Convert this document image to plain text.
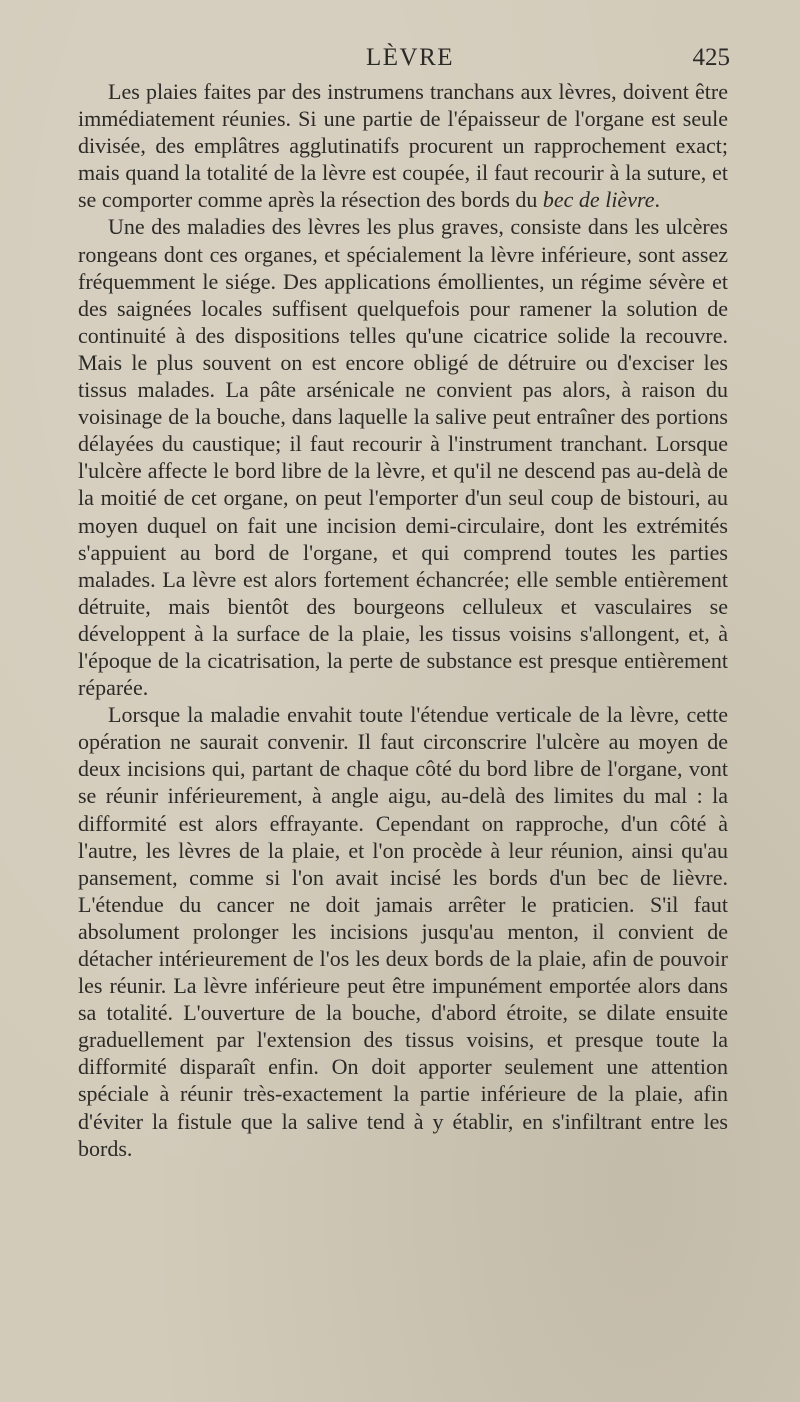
LÈVRE	425

Les plaies faites par des instrumens tranchans aux lèvres, doivent être immédiatement réunies. Si une partie de l'épaisseur de l'organe est seule divisée, des emplâtres agglutinatifs procurent un rapprochement exact; mais quand la totalité de la lèvre est coupée, il faut recourir à la suture, et se comporter comme après la résection des bords du bec de lièvre.

Une des maladies des lèvres les plus graves, consiste dans les ulcères rongeans dont ces organes, et spécialement la lèvre inférieure, sont assez fréquemment le siége. Des applications émollientes, un régime sévère et des saignées locales suffisent quelquefois pour ramener la solution de continuité à des dispositions telles qu'une cicatrice solide la recouvre. Mais le plus souvent on est encore obligé de détruire ou d'exciser les tissus malades. La pâte arsénicale ne convient pas alors, à raison du voisinage de la bouche, dans laquelle la salive peut entraîner des portions délayées du caustique; il faut recourir à l'instrument tranchant. Lorsque l'ulcère affecte le bord libre de la lèvre, et qu'il ne descend pas au-delà de la moitié de cet organe, on peut l'emporter d'un seul coup de bistouri, au moyen duquel on fait une incision demi-circulaire, dont les extrémités s'appuient au bord de l'organe, et qui comprend toutes les parties malades. La lèvre est alors fortement échancrée; elle semble entièrement détruite, mais bientôt des bourgeons celluleux et vasculaires se développent à la surface de la plaie, les tissus voisins s'allongent, et, à l'époque de la cicatrisation, la perte de substance est presque entièrement réparée.

Lorsque la maladie envahit toute l'étendue verticale de la lèvre, cette opération ne saurait convenir. Il faut circonscrire l'ulcère au moyen de deux incisions qui, partant de chaque côté du bord libre de l'organe, vont se réunir inférieurement, à angle aigu, au-delà des limites du mal : la difformité est alors effrayante. Cependant on rapproche, d'un côté à l'autre, les lèvres de la plaie, et l'on procède à leur réunion, ainsi qu'au pansement, comme si l'on avait incisé les bords d'un bec de lièvre. L'étendue du cancer ne doit jamais arrêter le praticien. S'il faut absolument prolonger les incisions jusqu'au menton, il convient de détacher intérieurement de l'os les deux bords de la plaie, afin de pouvoir les réunir. La lèvre inférieure peut être impunément emportée alors dans sa totalité. L'ouverture de la bouche, d'abord étroite, se dilate ensuite graduellement par l'extension des tissus voisins, et presque toute la difformité disparaît enfin. On doit apporter seulement une attention spéciale à réunir très-exactement la partie inférieure de la plaie, afin d'éviter la fistule que la salive tend à y établir, en s'infiltrant entre les bords.
